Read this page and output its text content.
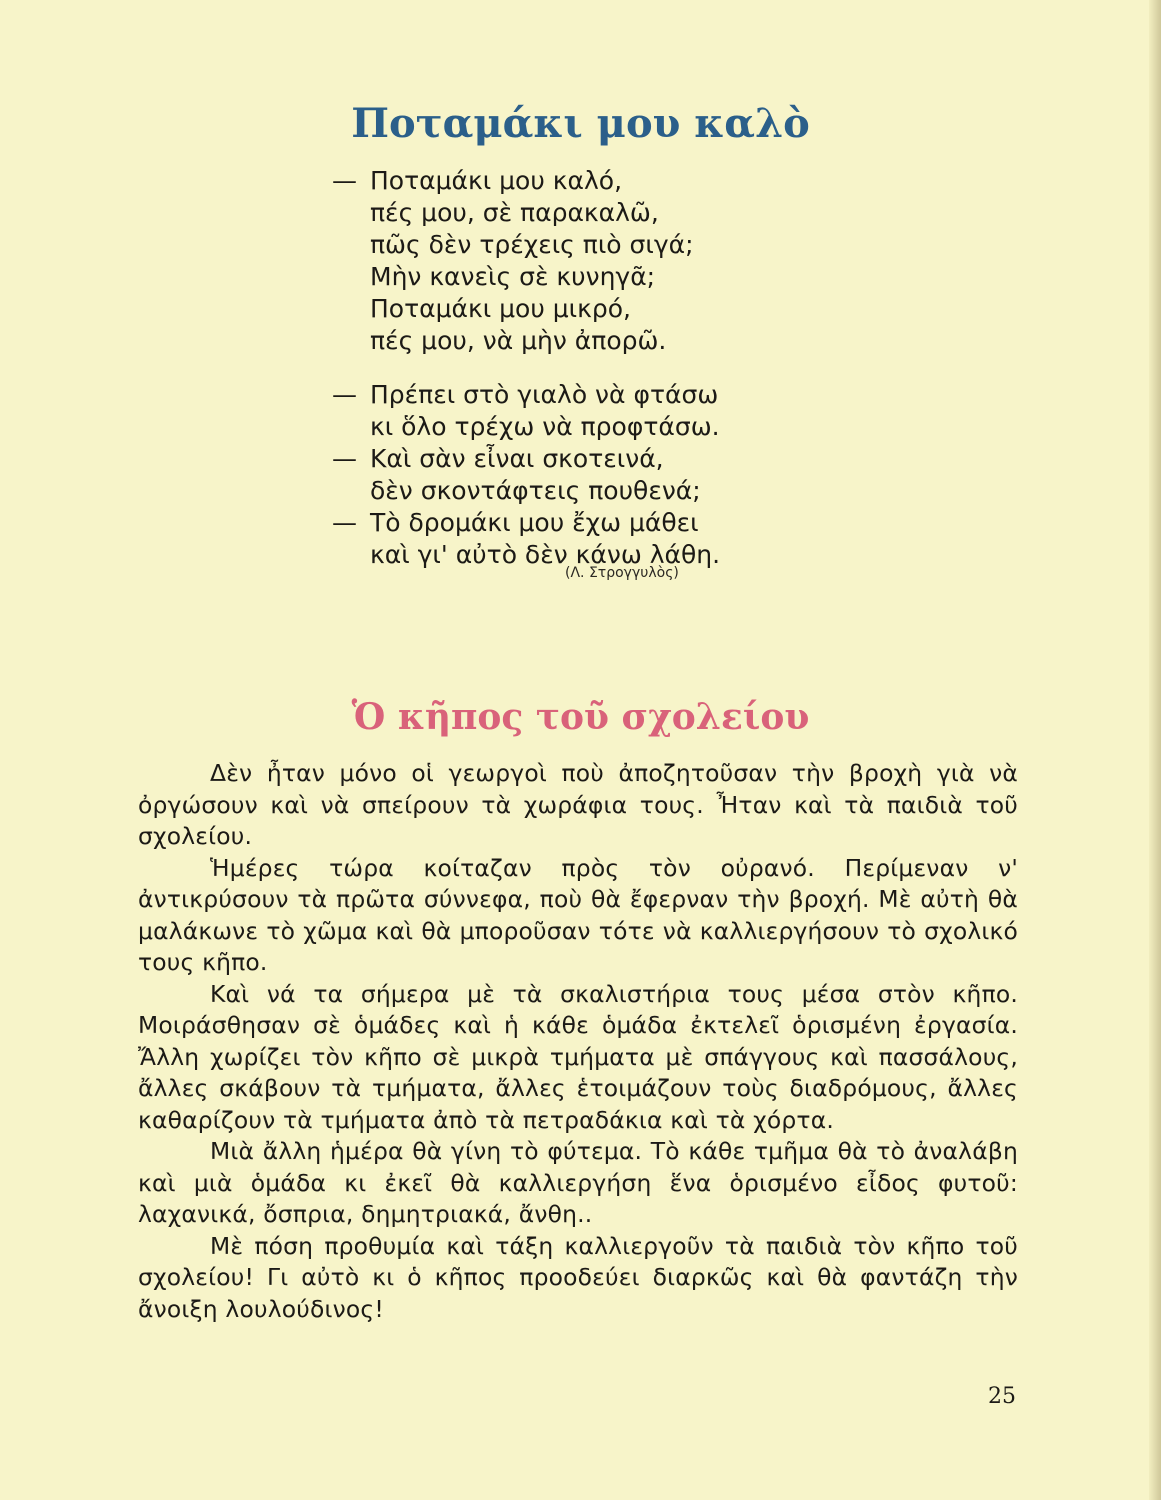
Ποταμάκι μου καλὸ
— Ποταμάκι μου καλό,
πές μου, σὲ παρακαλῶ,
πῶς δὲν τρέχεις πιὸ σιγά;
Μὴν κανεὶς σὲ κυνηγᾶ;
Ποταμάκι μου μικρό,
πές μου, νὰ μὴν ἀπορῶ.
— Πρέπει στὸ γιαλὸ νὰ φτάσω
κι ὅλο τρέχω νὰ προφτάσω.
— Καὶ σὰν εἶναι σκοτεινά,
δὲν σκοντάφτεις πουθενά;
— Τὸ δρομάκι μου ἔχω μάθει
καὶ γι' αὐτὸ δὲν κάνω λάθη.

(Λ. Στρογγυλὸς)

Ὁ κῆπος τοῦ σχολείου

Δὲν ἦταν μόνο οἱ γεωργοὶ ποὺ ἀποζητοῦσαν τὴν βροχὴ γιὰ νὰ ὀργώσουν καὶ νὰ σπείρουν τὰ χωράφια τους. Ἦταν καὶ τὰ παιδιὰ τοῦ σχολείου.

Ἡμέρες τώρα κοίταζαν πρὸς τὸν οὐρανό. Περίμεναν ν' ἀντικρύσουν τὰ πρῶτα σύννεφα, ποὺ θὰ ἔφερναν τὴν βροχή. Μὲ αὐτὴ θὰ μαλάκωνε τὸ χῶμα καὶ θὰ μποροῦσαν τότε νὰ καλλιεργήσουν τὸ σχολικό τους κῆπο.

Καὶ νά τα σήμερα μὲ τὰ σκαλιστήρια τους μέσα στὸν κῆπο. Μοιράσθησαν σὲ ὁμάδες καὶ ἡ κάθε ὁμάδα ἐκτελεῖ ὁρισμένη ἐργασία. Ἄλλη χωρίζει τὸν κῆπο σὲ μικρὰ τμήματα μὲ σπάγγους καὶ πασσάλους, ἄλλες σκάβουν τὰ τμήματα, ἄλλες ἑτοιμάζουν τοὺς διαδρόμους, ἄλλες καθαρίζουν τὰ τμήματα ἀπὸ τὰ πετραδάκια καὶ τὰ χόρτα.

Μιὰ ἄλλη ἡμέρα θὰ γίνη τὸ φύτεμα. Τὸ κάθε τμῆμα θὰ τὸ ἀναλάβη καὶ μιὰ ὁμάδα κι ἐκεῖ θὰ καλλιεργήση ἕνα ὁρισμένο εἶδος φυτοῦ: λαχανικά, ὄσπρια, δημητριακά, ἄνθη..

Μὲ πόση προθυμία καὶ τάξη καλλιεργοῦν τὰ παιδιὰ τὸν κῆπο τοῦ σχολείου! Γι αὐτὸ κι ὁ κῆπος προοδεύει διαρκῶς καὶ θὰ φαντάζη τὴν ἄνοιξη λουλούδινος!

25
